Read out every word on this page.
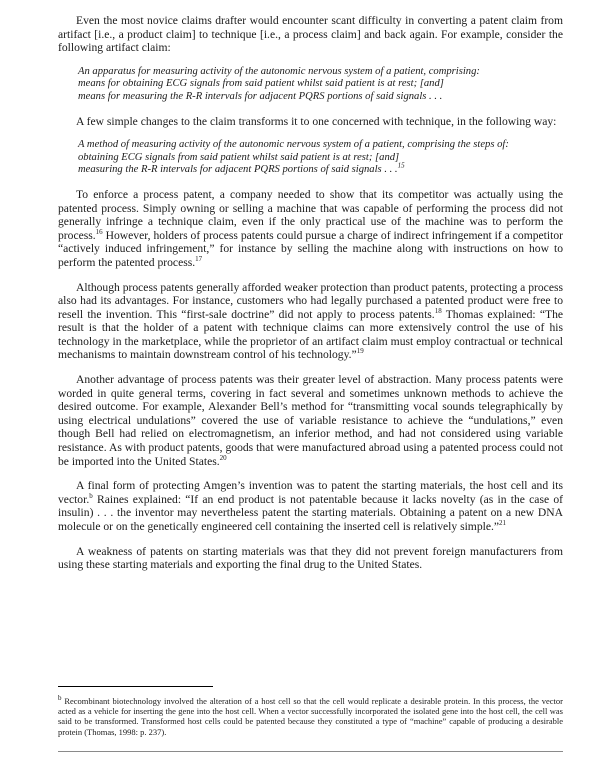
Even the most novice claims drafter would encounter scant difficulty in converting a patent claim from artifact [i.e., a product claim] to technique [i.e., a process claim] and back again. For example, consider the following artifact claim:

An apparatus for measuring activity of the autonomic nervous system of a patient, comprising:
means for obtaining ECG signals from said patient whilst said patient is at rest; [and]
means for measuring the R-R intervals for adjacent PQRS portions of said signals . . .

A few simple changes to the claim transforms it to one concerned with technique, in the following way:

A method of measuring activity of the autonomic nervous system of a patient, comprising the steps of:
obtaining ECG signals from said patient whilst said patient is at rest; [and]
measuring the R-R intervals for adjacent PQRS portions of said signals . . .$^{15}$

To enforce a process patent, a company needed to show that its competitor was actually using the patented process. Simply owning or selling a machine that was capable of performing the process did not generally infringe a technique claim, even if the only practical use of the machine was to perform the process.$^{16}$ However, holders of process patents could pursue a charge of indirect infringement if a competitor “actively induced infringement,” for instance by selling the machine along with instructions on how to perform the patented process.$^{17}$

Although process patents generally afforded weaker protection than product patents, protecting a process also had its advantages. For instance, customers who had legally purchased a patented product were free to resell the invention. This “first-sale doctrine” did not apply to process patents.$^{18}$ Thomas explained: “The result is that the holder of a patent with technique claims can more extensively control the use of his technology in the marketplace, while the proprietor of an artifact claim must employ contractual or technical mechanisms to maintain downstream control of his technology.”$^{19}$

Another advantage of process patents was their greater level of abstraction. Many process patents were worded in quite general terms, covering in fact several and sometimes unknown methods to achieve the desired outcome. For example, Alexander Bell’s method for “transmitting vocal sounds telegraphically by using electrical undulations” covered the use of variable resistance to achieve the “undulations,” even though Bell had relied on electromagnetism, an inferior method, and had not considered using variable resistance. As with product patents, goods that were manufactured abroad using a patented process could not be imported into the United States.$^{20}$

A final form of protecting Amgen’s invention was to patent the starting materials, the host cell and its vector.$^b$ Raines explained: “If an end product is not patentable because it lacks novelty (as in the case of insulin) . . . the inventor may nevertheless patent the starting materials. Obtaining a patent on a new DNA molecule or on the genetically engineered cell containing the inserted cell is relatively simple.”$^{21}$

A weakness of patents on starting materials was that they did not prevent foreign manufacturers from using these starting materials and exporting the final drug to the United States.

$^b$ Recombinant biotechnology involved the alteration of a host cell so that the cell would replicate a desirable protein. In this process, the vector acted as a vehicle for inserting the gene into the host cell. When a vector successfully incorporated the isolated gene into the host cell, the cell was said to be transformed. Transformed host cells could be patented because they constituted a type of “machine” capable of producing a desirable protein (Thomas, 1998: p. 237).
